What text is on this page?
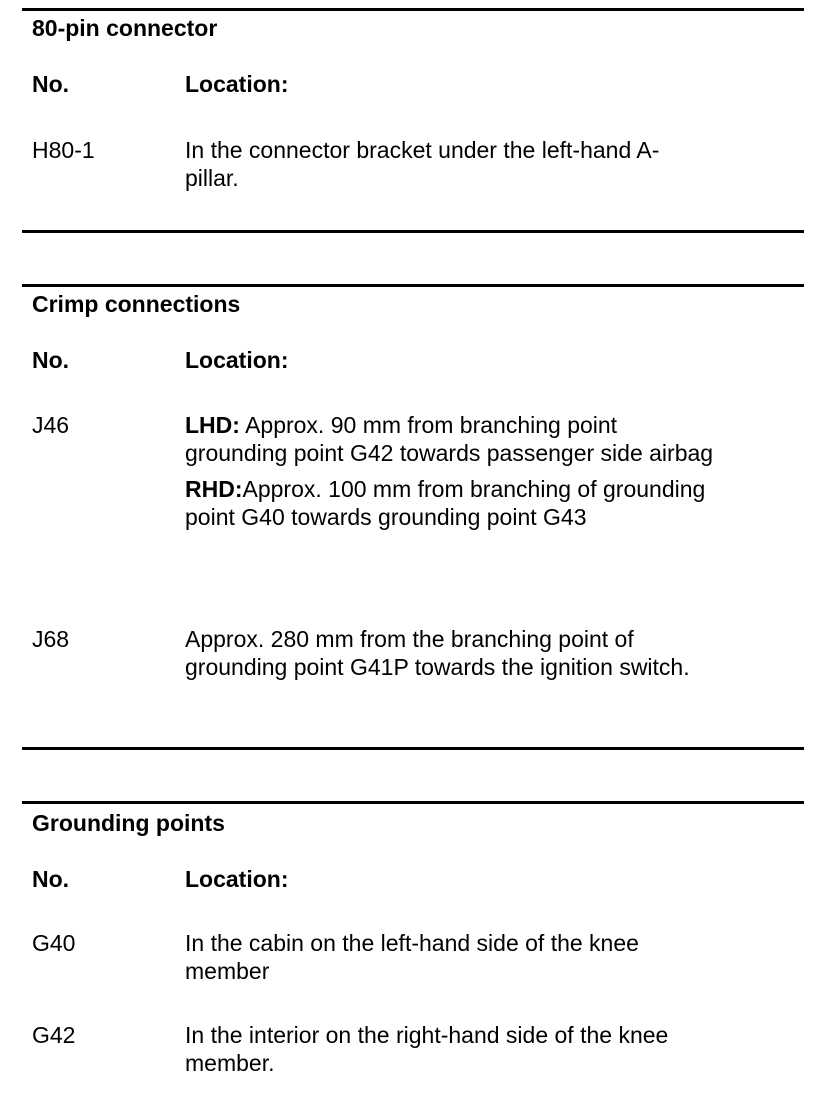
80-pin connector
No.	Location:
H80-1	In the connector bracket under the left-hand A-pillar.

Crimp connections
No.	Location:
J46	LHD: Approx. 90 mm from branching point grounding point G42 towards passenger side airbag

RHD:Approx. 100 mm from branching of grounding point G40 towards grounding point G43

J68	Approx. 280 mm from the branching point of grounding point G41P towards the ignition switch.

Grounding points
No.	Location:
G40	In the cabin on the left-hand side of the knee member

G42	In the interior on the right-hand side of the knee member.
